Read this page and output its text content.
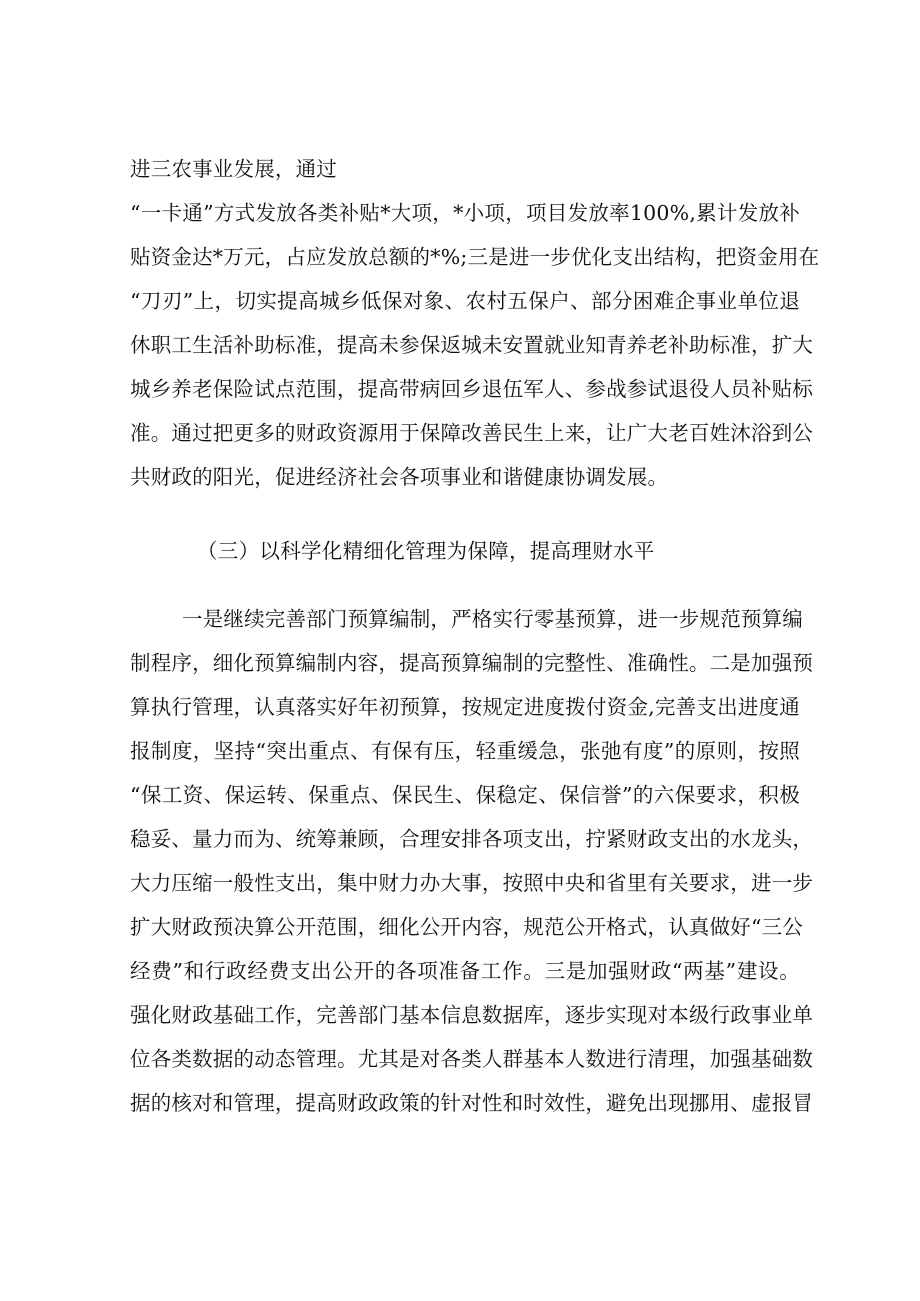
进三农事业发展，通过
“一卡通”方式发放各类补贴*大项，*小项，项目发放率100%,累计发放补
贴资金达*万元，占应发放总额的*%;三是进一步优化支出结构，把资金用在
“刀刃”上，切实提高城乡低保对象、农村五保户、部分困难企事业单位退
休职工生活补助标准，提高未参保返城未安置就业知青养老补助标准，扩大
城乡养老保险试点范围，提高带病回乡退伍军人、参战参试退役人员补贴标
准。通过把更多的财政资源用于保障改善民生上来，让广大老百姓沐浴到公
共财政的阳光，促进经济社会各项事业和谐健康协调发展。
（三）以科学化精细化管理为保障，提高理财水平
一是继续完善部门预算编制，严格实行零基预算，进一步规范预算编
制程序，细化预算编制内容，提高预算编制的完整性、准确性。二是加强预
算执行管理，认真落实好年初预算，按规定进度拨付资金,完善支出进度通
报制度，坚持“突出重点、有保有压，轻重缓急，张弛有度”的原则，按照
“保工资、保运转、保重点、保民生、保稳定、保信誉”的六保要求，积极
稳妥、量力而为、统筹兼顾，合理安排各项支出，拧紧财政支出的水龙头，
大力压缩一般性支出，集中财力办大事，按照中央和省里有关要求，进一步
扩大财政预决算公开范围，细化公开内容，规范公开格式，认真做好“三公
经费”和行政经费支出公开的各项准备工作。三是加强财政“两基”建设。
强化财政基础工作，完善部门基本信息数据库，逐步实现对本级行政事业单
位各类数据的动态管理。尤其是对各类人群基本人数进行清理，加强基础数
据的核对和管理，提高财政政策的针对性和时效性，避免出现挪用、虚报冒
